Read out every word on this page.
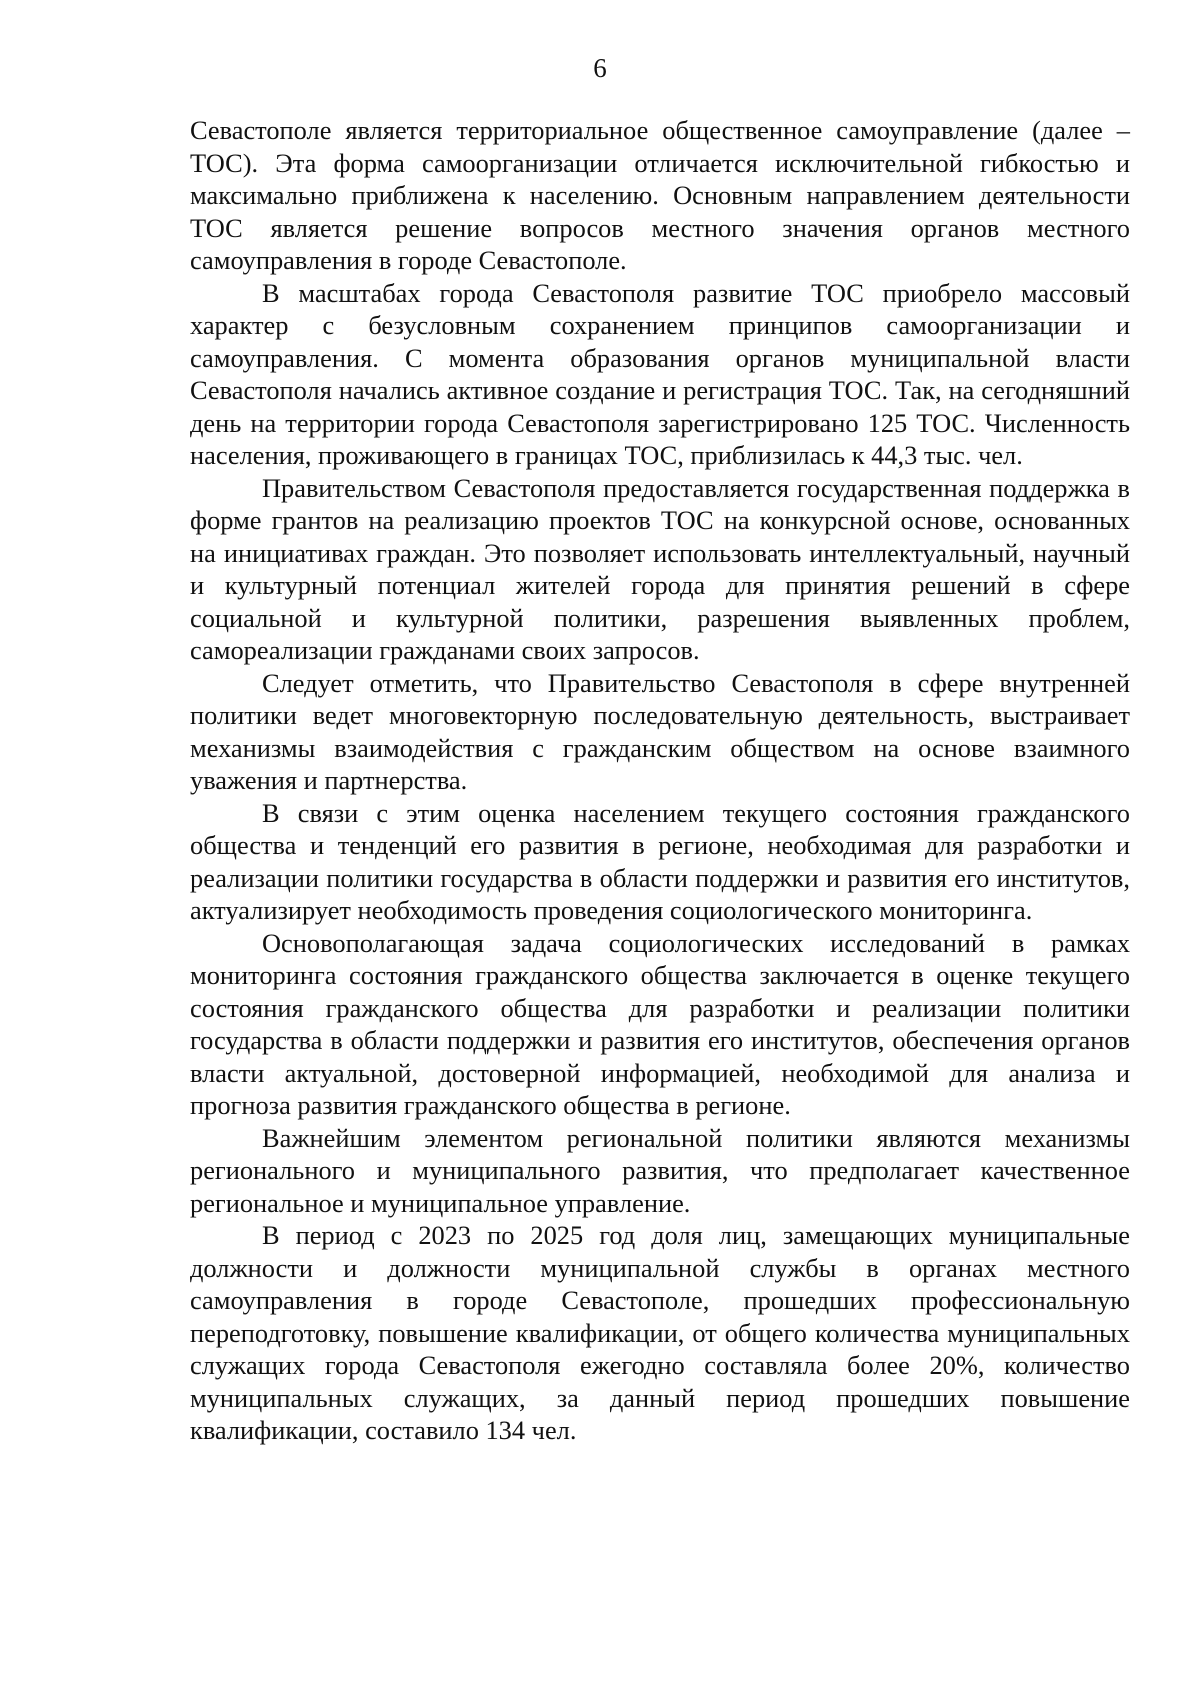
6

Севастополе является территориальное общественное самоуправление (далее – ТОС). Эта форма самоорганизации отличается исключительной гибкостью и максимально приближена к населению. Основным направлением деятельности ТОС является решение вопросов местного значения органов местного самоуправления в городе Севастополе.

В масштабах города Севастополя развитие ТОС приобрело массовый характер с безусловным сохранением принципов самоорганизации и самоуправления. С момента образования органов муниципальной власти Севастополя начались активное создание и регистрация ТОС. Так, на сегодняшний день на территории города Севастополя зарегистрировано 125 ТОС. Численность населения, проживающего в границах ТОС, приблизилась к 44,3 тыс. чел.

Правительством Севастополя предоставляется государственная поддержка в форме грантов на реализацию проектов ТОС на конкурсной основе, основанных на инициативах граждан. Это позволяет использовать интеллектуальный, научный и культурный потенциал жителей города для принятия решений в сфере социальной и культурной политики, разрешения выявленных проблем, самореализации гражданами своих запросов.

Следует отметить, что Правительство Севастополя в сфере внутренней политики ведет многовекторную последовательную деятельность, выстраивает механизмы взаимодействия с гражданским обществом на основе взаимного уважения и партнерства.

В связи с этим оценка населением текущего состояния гражданского общества и тенденций его развития в регионе, необходимая для разработки и реализации политики государства в области поддержки и развития его институтов, актуализирует необходимость проведения социологического мониторинга.

Основополагающая задача социологических исследований в рамках мониторинга состояния гражданского общества заключается в оценке текущего состояния гражданского общества для разработки и реализации политики государства в области поддержки и развития его институтов, обеспечения органов власти актуальной, достоверной информацией, необходимой для анализа и прогноза развития гражданского общества в регионе.

Важнейшим элементом региональной политики являются механизмы регионального и муниципального развития, что предполагает качественное региональное и муниципальное управление.

В период с 2023 по 2025 год доля лиц, замещающих муниципальные должности и должности муниципальной службы в органах местного самоуправления в городе Севастополе, прошедших профессиональную переподготовку, повышение квалификации, от общего количества муниципальных служащих города Севастополя ежегодно составляла более 20%, количество муниципальных служащих, за данный период прошедших повышение квалификации, составило 134 чел.
